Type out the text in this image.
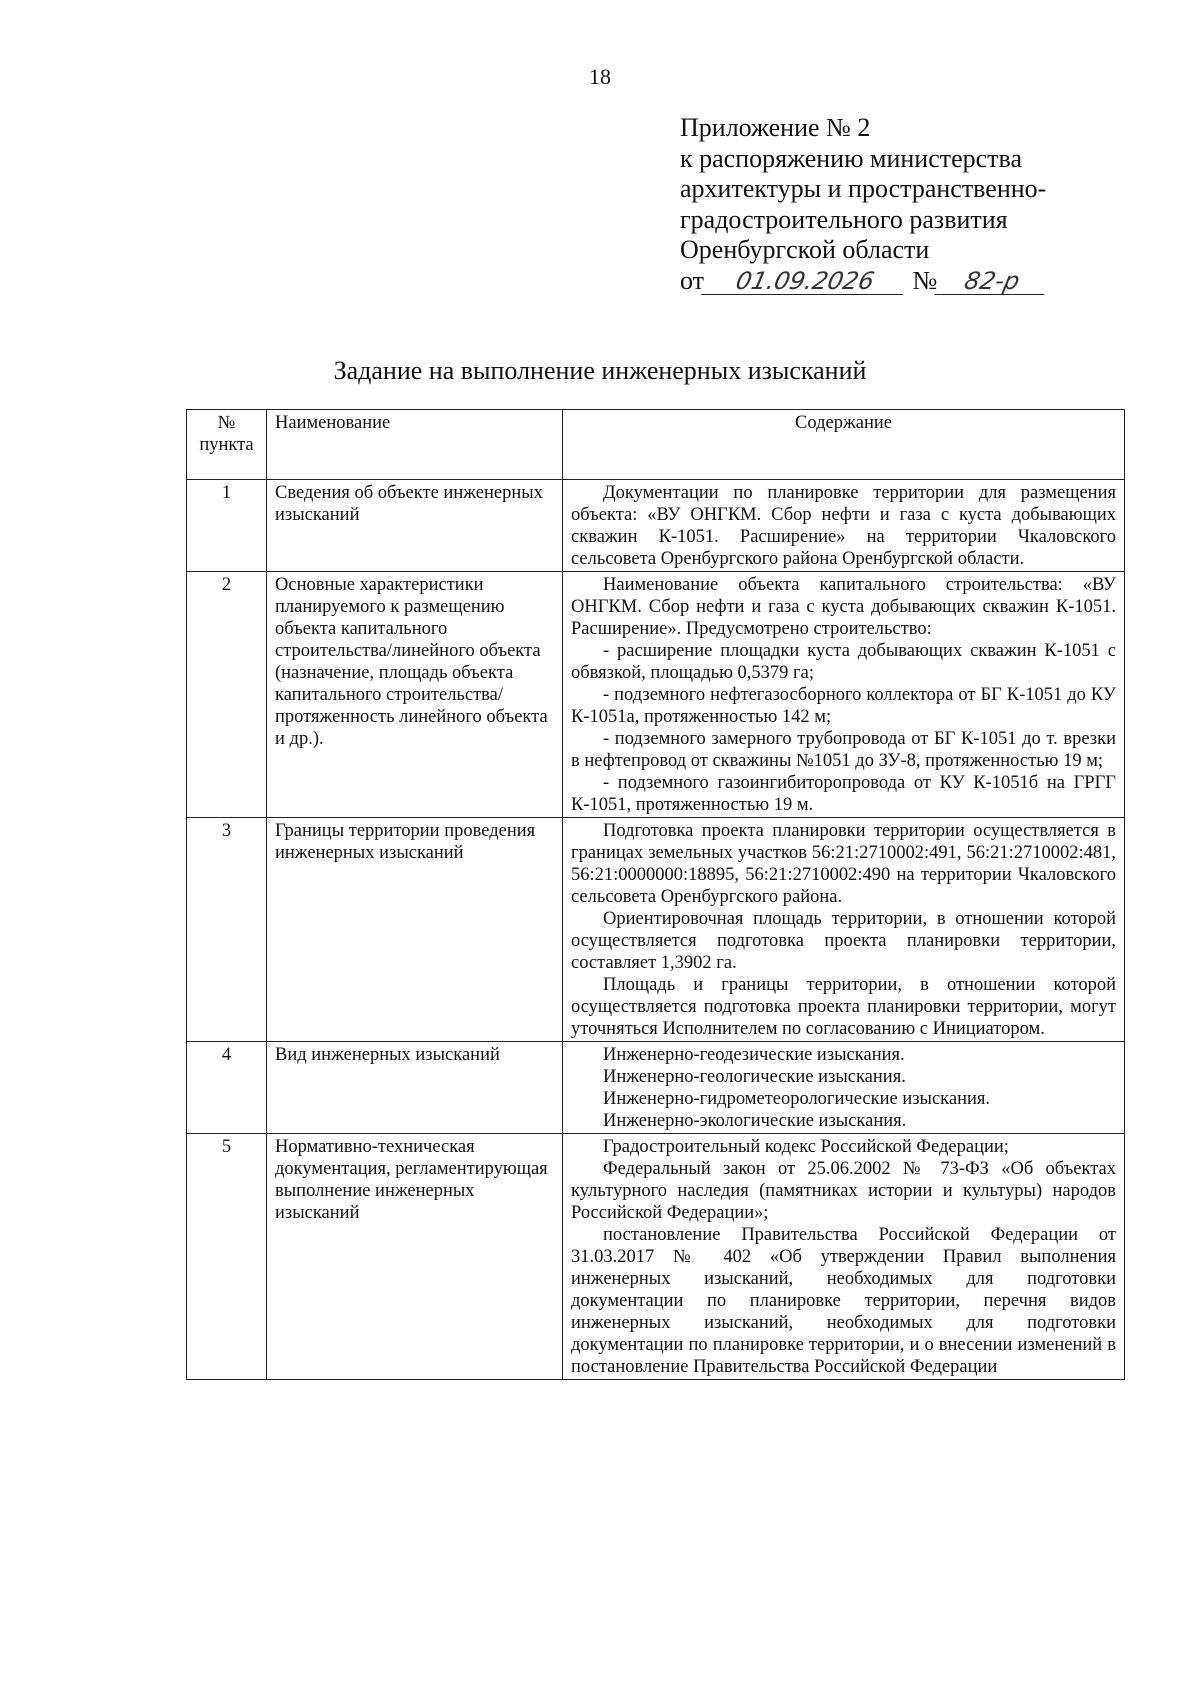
18
Приложение № 2
к распоряжению министерства
архитектуры и пространственно-
градостроительного развития
Оренбургской области
от 01.09.2026 № 82-р
Задание на выполнение инженерных изысканий
№ пункта	Наименование	Содержание
1	Сведения об объекте инженерных изысканий	Документации по планировке территории для размещения объекта: «ВУ ОНГКМ. Сбор нефти и газа с куста добывающих скважин К-1051. Расширение» на территории Чкаловского сельсовета Оренбургского района Оренбургской области.

2	Основные характеристики планируемого к размещению объекта капитального строительства/линейного объекта (назначение, площадь объекта капитального строительства/протяженность линейного объекта и др.).	Наименование объекта капитального строительства: «ВУ ОНГКМ. Сбор нефти и газа с куста добывающих скважин К-1051. Расширение». Предусмотрено строительство:

- расширение площадки куста добывающих скважин К-1051 с обвязкой, площадью 0,5379 га;

- подземного нефтегазосборного коллектора от БГ К-1051 до КУ К-1051а, протяженностью 142 м;

- подземного замерного трубопровода от БГ К-1051 до т. врезки в нефтепровод от скважины №1051 до ЗУ-8, протяженностью 19 м;

- подземного газоингибиторопровода от КУ К-1051б на ГРГГ К-1051, протяженностью 19 м.

3	Границы территории проведения инженерных изысканий	Подготовка проекта планировки территории осуществляется в границах земельных участков 56:21:2710002:491, 56:21:2710002:481, 56:21:0000000:18895, 56:21:2710002:490 на территории Чкаловского сельсовета Оренбургского района.

Ориентировочная площадь территории, в отношении которой осуществляется подготовка проекта планировки территории, составляет 1,3902 га.

Площадь и границы территории, в отношении которой осуществляется подготовка проекта планировки территории, могут уточняться Исполнителем по согласованию с Инициатором.

4	Вид инженерных изысканий	Инженерно-геодезические изыскания.

Инженерно-геологические изыскания.

Инженерно-гидрометеорологические изыскания.

Инженерно-экологические изыскания.

5	Нормативно-техническая документация, регламентирующая выполнение инженерных изысканий	Градостроительный кодекс Российской Федерации;

Федеральный закон от 25.06.2002 № 73-ФЗ «Об объектах культурного наследия (памятниках истории и культуры) народов Российской Федерации»;

постановление Правительства Российской Федерации от 31.03.2017 № 402 «Об утверждении Правил выполнения инженерных изысканий, необходимых для подготовки документации по планировке территории, перечня видов инженерных изысканий, необходимых для подготовки документации по планировке территории, и о внесении изменений в постановление Правительства Российской Федерации
